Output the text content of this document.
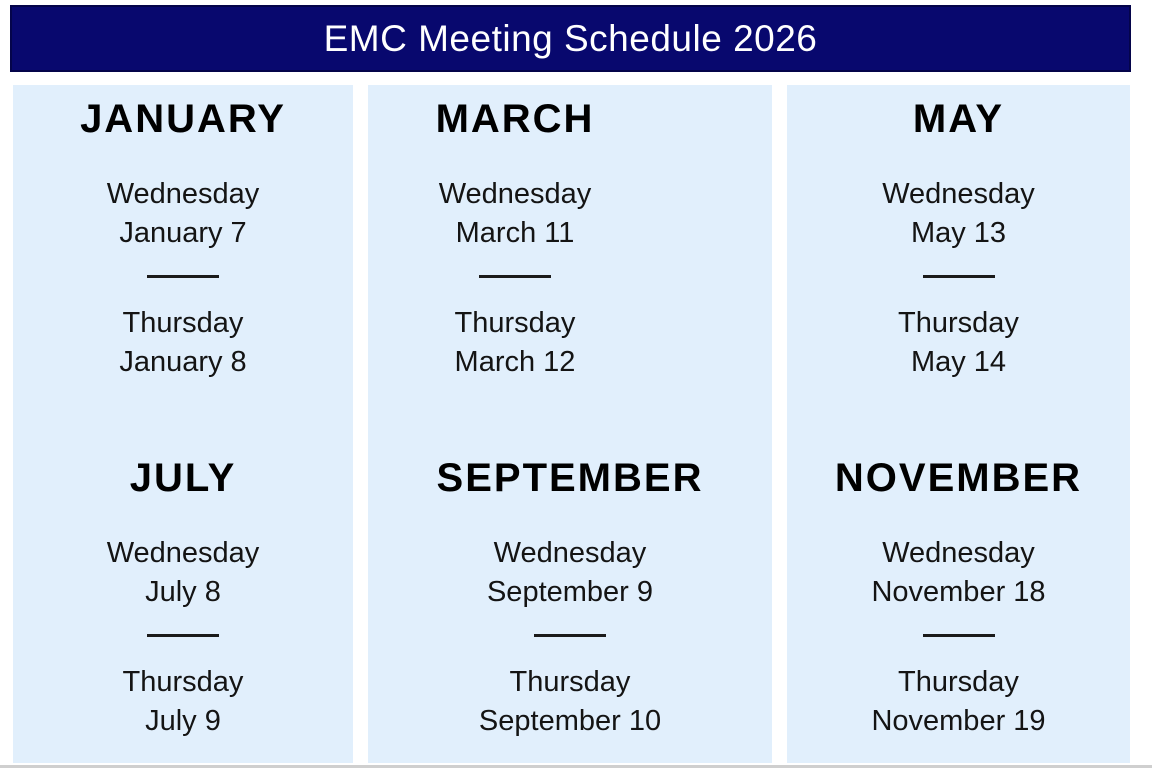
EMC Meeting Schedule 2026
JANUARY
Wednesday
January 7
Thursday
January 8
JULY
Wednesday
July 8
Thursday
July 9
MARCH
Wednesday
March 11
Thursday
March 12
SEPTEMBER
Wednesday
September 9
Thursday
September 10
MAY
Wednesday
May 13
Thursday
May 14
NOVEMBER
Wednesday
November 18
Thursday
November 19
